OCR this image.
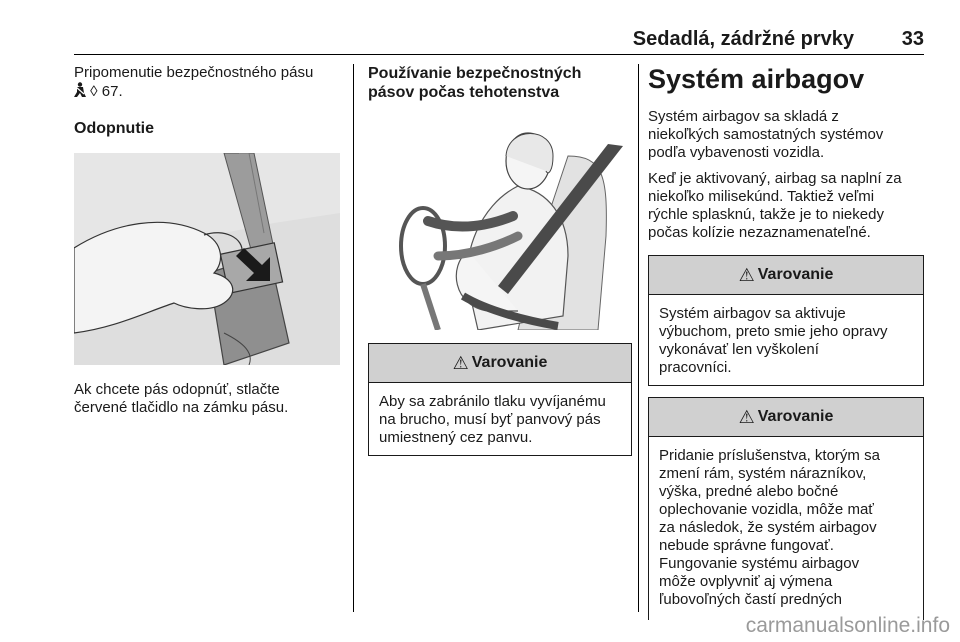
Sedadlá, zádržné prvky 33

Pripomenutie bezpečnostného pásu

◊ 67.

Odopnutie

Ak chcete pás odopnúť, stlačte

červené tlačidlo na zámku pásu.

Používanie bezpečnostných

pásov počas tehotenstva

⚠ Varovanie
Aby sa zabránilo tlaku vyvíjanému
na brucho, musí byť panvový pás
umiestnený cez panvu.

Systém airbagov

Systém airbagov sa skladá z

niekoľkých samostatných systémov

podľa vybavenosti vozidla.

Keď je aktivovaný, airbag sa naplní za

niekoľko milisekúnd. Taktiež veľmi

rýchle splasknú, takže je to niekedy

počas kolízie nezaznamenateľné.

⚠ Varovanie
Systém airbagov sa aktivuje
výbuchom, preto smie jeho opravy
vykonávať len vyškolení
pracovníci.
⚠ Varovanie
Pridanie príslušenstva, ktorým sa
zmení rám, systém nárazníkov,
výška, predné alebo bočné
oplechovanie vozidla, môže mať
za následok, že systém airbagov
nebude správne fungovať.
Fungovanie systému airbagov
môže ovplyvniť aj výmena
ľubovoľných častí predných
carmanualsonline.info
